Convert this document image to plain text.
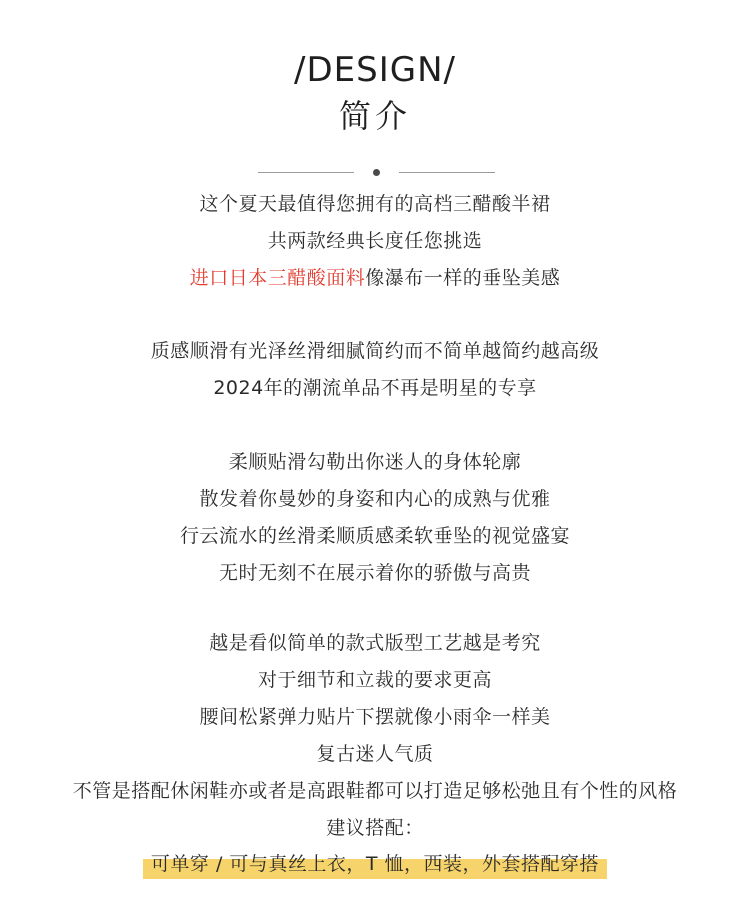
/DESIGN/
简介
这个夏天最值得您拥有的高档三醋酸半裙
共两款经典长度任您挑选
进口日本三醋酸面料像瀑布一样的垂坠美感
质感顺滑有光泽丝滑细腻简约而不简单越简约越高级
2024年的潮流单品不再是明星的专享
柔顺贴滑勾勒出你迷人的身体轮廓
散发着你曼妙的身姿和内心的成熟与优雅
行云流水的丝滑柔顺质感柔软垂坠的视觉盛宴
无时无刻不在展示着你的骄傲与高贵
越是看似简单的款式版型工艺越是考究
对于细节和立裁的要求更高
腰间松紧弹力贴片下摆就像小雨伞一样美
复古迷人气质
不管是搭配休闲鞋亦或者是高跟鞋都可以打造足够松弛且有个性的风格
建议搭配：
可单穿 / 可与真丝上衣，T 恤，西装，外套搭配穿搭
